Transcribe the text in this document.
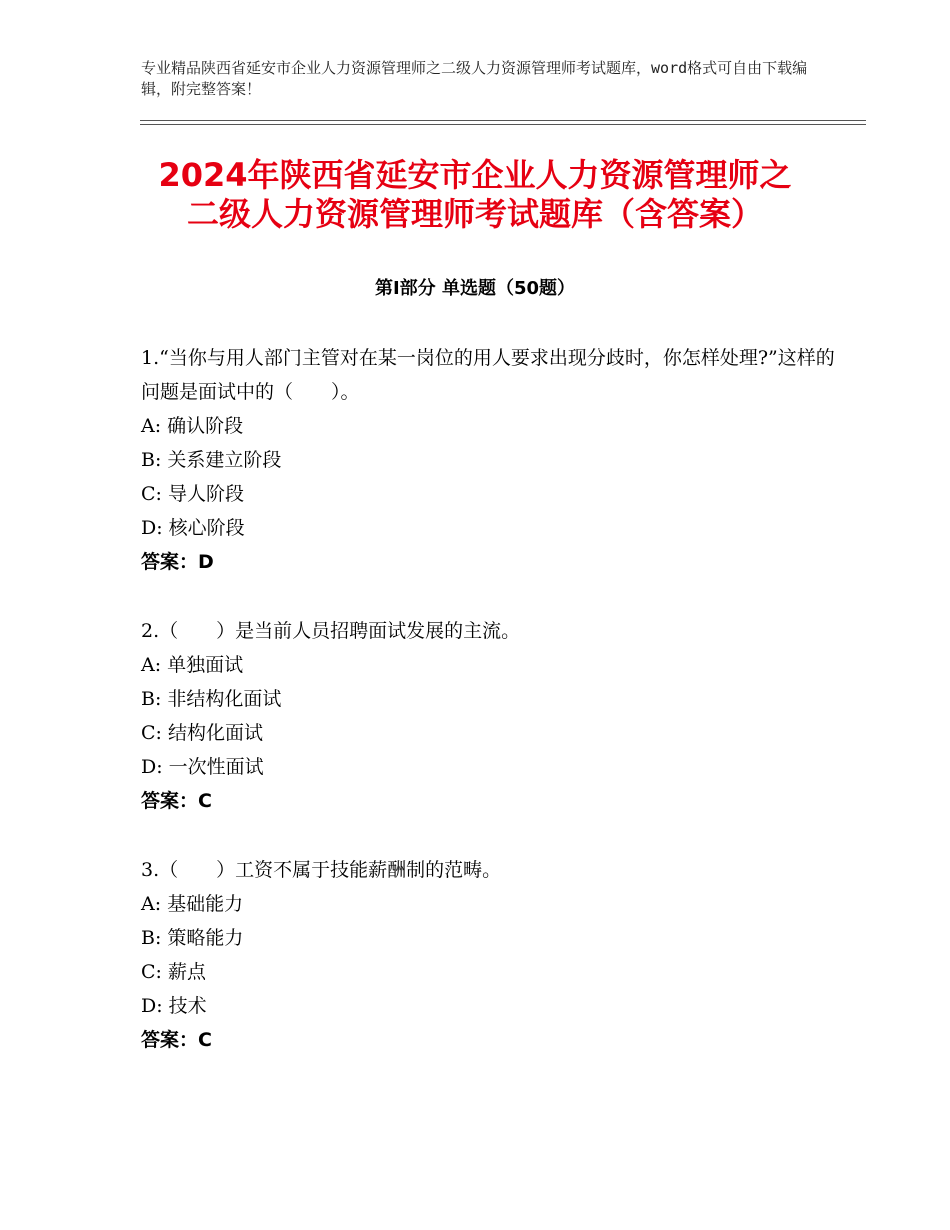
专业精品陕西省延安市企业人力资源管理师之二级人力资源管理师考试题库，word格式可自由下载编辑，附完整答案！
2024年陕西省延安市企业人力资源管理师之
二级人力资源管理师考试题库（含答案）
第Ⅰ部分 单选题（50题）
1.“当你与用人部门主管对在某一岗位的用人要求出现分歧时，你怎样处理?”这样的问题是面试中的（　　）。
A: 确认阶段
B: 关系建立阶段
C: 导人阶段
D: 核心阶段
答案：D
2.（　　）是当前人员招聘面试发展的主流。
A: 单独面试
B: 非结构化面试
C: 结构化面试
D: 一次性面试
答案：C
3.（　　）工资不属于技能薪酬制的范畴。
A: 基础能力
B: 策略能力
C: 薪点
D: 技术
答案：C
